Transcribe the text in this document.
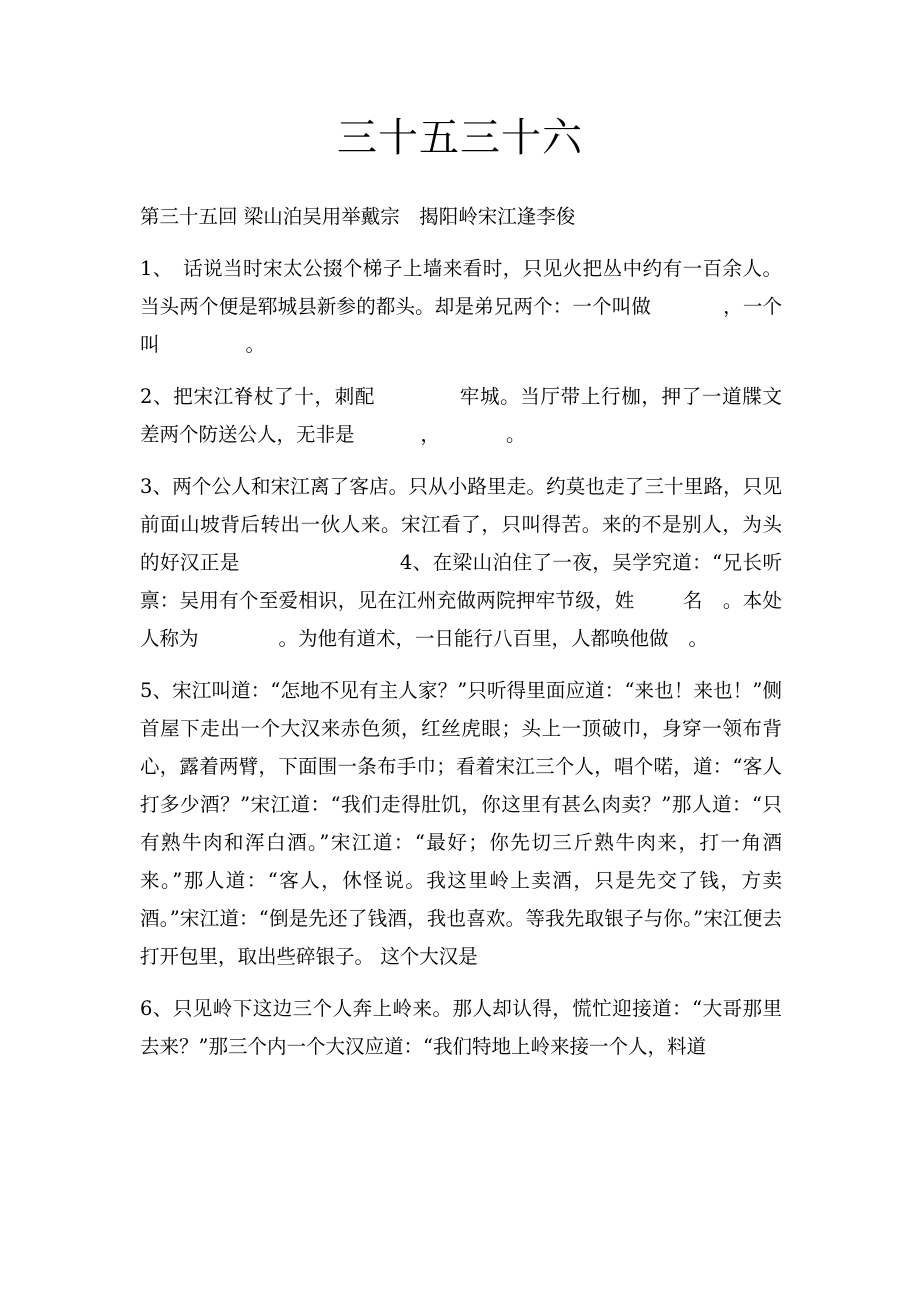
三十五三十六

第三十五回 梁山泊吴用举戴宗　揭阳岭宋江逢李俊

1、　话说当时宋太公掇个梯子上墙来看时，只见火把丛中约有一百余人。当头两个便是郓城县新参的都头。却是弟兄两个：一个叫做	，一个叫	。

2、把宋江脊杖了十，刺配	牢城。当厅带上行枷，押了一道牒文差两个防送公人，无非是	，	。

3、两个公人和宋江离了客店。只从小路里走。约莫也走了三十里路，只见前面山坡背后转出一伙人来。宋江看了，只叫得苦。来的不是别人，为头的好汉正是	4、在梁山泊住了一夜，吴学究道：“兄长听禀：吴用有个至爱相识，见在江州充做两院押牢节级，姓 名 。本处人称为	。为他有道术，一日能行八百里，人都唤他做 。

5、宋江叫道：“怎地不见有主人家？”只听得里面应道：“来也！来也！”侧首屋下走出一个大汉来赤色须，红丝虎眼；头上一顶破巾，身穿一领布背心，露着两臂，下面围一条布手巾；看着宋江三个人，唱个喏，道：“客人打多少酒？”宋江道：“我们走得肚饥，你这里有甚么肉卖？”那人道：“只有熟牛肉和浑白酒。”宋江道：“最好；你先切三斤熟牛肉来，打一角酒来。”那人道：“客人，休怪说。我这里岭上卖酒，只是先交了钱，方卖酒。”宋江道：“倒是先还了钱酒，我也喜欢。等我先取银子与你。”宋江便去打开包里，取出些碎银子。 这个大汉是

6、只见岭下这边三个人奔上岭来。那人却认得，慌忙迎接道：“大哥那里去来？”那三个内一个大汉应道：“我们特地上岭来接一个人，料道
